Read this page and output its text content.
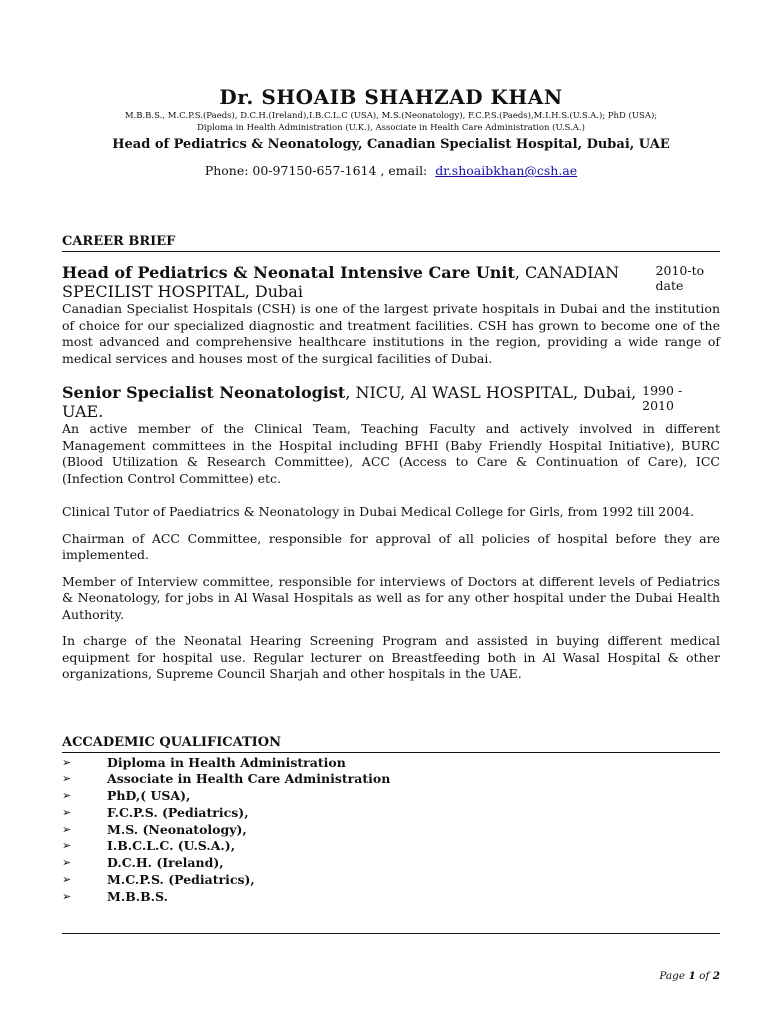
Dr. SHOAIB SHAHZAD KHAN

M.B.B.S., M.C.P.S.(Paeds), D.C.H.(Ireland),I.B.C.L.C (USA), M.S.(Neonatology), F.C.P.S.(Paeds),M.I.H.S.(U.S.A.); PhD (USA);

Diploma in Health Administration (U.K.), Associate in Health Care Administration (U.S.A.)

Head of Pediatrics & Neonatology, Canadian Specialist Hospital, Dubai, UAE

Phone: 00-97150-657-1614 , email: dr.shoaibkhan@csh.ae

CAREER BRIEF
Head of Pediatrics & Neonatal Intensive Care Unit, CANADIAN SPECILIST HOSPITAL, Dubai
2010-to date

Canadian Specialist Hospitals (CSH) is one of the largest private hospitals in Dubai and the institution of choice for our specialized diagnostic and treatment facilities. CSH has grown to become one of the most advanced and comprehensive healthcare institutions in the region, providing a wide range of medical services and houses most of the surgical facilities of Dubai.

Senior Specialist Neonatologist, NICU, Al WASL HOSPITAL, Dubai, UAE.
1990 - 2010

An active member of the Clinical Team, Teaching Faculty and actively involved in different Management committees in the Hospital including BFHI (Baby Friendly Hospital Initiative), BURC (Blood Utilization & Research Committee), ACC (Access to Care & Continuation of Care), ICC (Infection Control Committee) etc.

Clinical Tutor of Paediatrics & Neonatology in Dubai Medical College for Girls, from 1992 till 2004.

Chairman of ACC Committee, responsible for approval of all policies of hospital before they are implemented.

Member of Interview committee, responsible for interviews of Doctors at different levels of Pediatrics & Neonatology, for jobs in Al Wasal Hospitals as well as for any other hospital under the Dubai Health Authority.

In charge of the Neonatal Hearing Screening Program and assisted in buying different medical equipment for hospital use. Regular lecturer on Breastfeeding both in Al Wasal Hospital & other organizations, Supreme Council Sharjah and other hospitals in the UAE.

ACCADEMIC QUALIFICATION
➢	Diploma in Health Administration
➢	Associate in Health Care Administration
➢	PhD,( USA),
➢	F.C.P.S. (Pediatrics),
➢	M.S. (Neonatology),
➢	I.B.C.L.C. (U.S.A.),
➢	D.C.H. (Ireland),
➢	M.C.P.S. (Pediatrics),
➢	M.B.B.S.
Page 1 of 2
